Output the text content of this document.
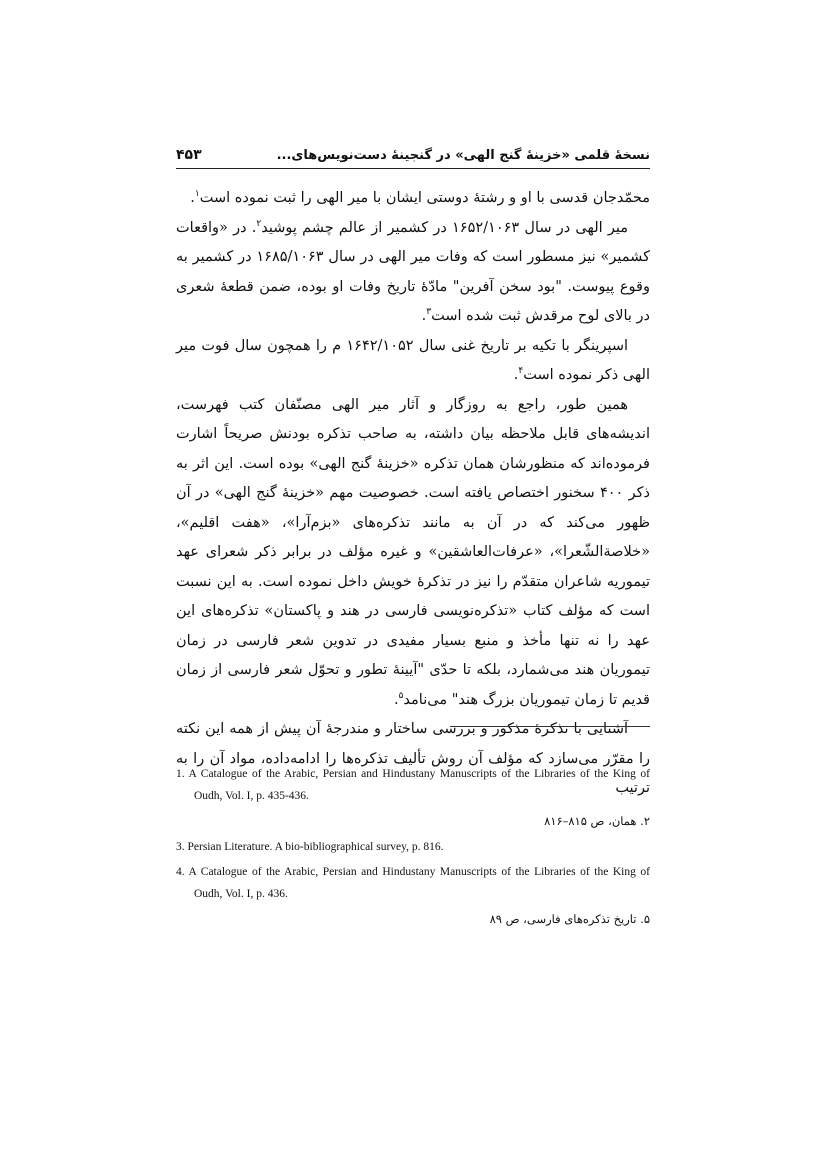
نسخهٔ قلمی «خزینهٔ گنج الهی» در گنجینهٔ دست‌نویس‌های...
۴۵۳

محمّدجان قدسی با او و رشتهٔ دوستی ایشان با میر الهی را ثبت نموده است$^۱$.

میر الهی در سال ۱۶۵۲/۱۰۶۳ در کشمیر از عالم چشم پوشید$^۲$. در «واقعات کشمیر» نیز مسطور است که وفات میر الهی در سال ۱۶۸۵/۱۰۶۳ در کشمیر به وقوع پیوست. "بود سخن آفرین" مادّهٔ تاریخ وفات او بوده، ضمن قطعهٔ شعری در بالای لوح مرقدش ثبت شده است$^۳$.

اسپرینگر با تکیه بر تاریخ غنی سال ۱۶۴۲/۱۰۵۲ م را همچون سال فوت میر الهی ذکر نموده است$^۴$.

همین طور، راجع به روزگار و آثار میر الهی مصنّفان کتب فهرست، اندیشه‌های قابل ملاحظه بیان داشته، به صاحب تذکره بودنش صریحاً اشارت فرموده‌اند که منظورشان همان تذکره «خزینهٔ گنج الهی» بوده است. این اثر به ذکر ۴۰۰ سخنور اختصاص یافته است. خصوصیت مهم «خزینهٔ گنج الهی» در آن ظهور می‌کند که در آن به مانند تذکره‌های «بزم‌آرا»، «هفت اقلیم»، «خلاصة‌الشّعرا»، «عرفات‌العاشقین» و غیره مؤلف در برابر ذکر شعرای عهد تیموریه شاعران متقدّم را نیز در تذکرهٔ خویش داخل نموده است. به این نسبت است که مؤلف کتاب «تذکره‌نویسی فارسی در هند و پاکستان» تذکره‌های این عهد را نه تنها مأخذ و منبع بسیار مفیدی در تدوین شعر فارسی در زمان تیموریان هند می‌شمارد، بلکه تا حدّی "آیینهٔ تطور و تحوّل شعر فارسی از زمان قدیم تا زمان تیموریان بزرگ هند" می‌نامد$^۵$.

آشنایی با تذکرهٔ مذکور و بررسی ساختار و مندرجهٔ آن پیش از همه این نکته را مقرّر می‌سازد که مؤلف آن روش تألیف تذکره‌ها را ادامه‌داده، مواد آن را به ترتیب

1. A Catalogue of the Arabic, Persian and Hindustany Manuscripts of the Libraries of the King of Oudh, Vol. I, p. 435-436.

۲. همان، ص ۸۱۵–۸۱۶

3. Persian Literature. A bio-bibliographical survey, p. 816.

4. A Catalogue of the Arabic, Persian and Hindustany Manuscripts of the Libraries of the King of Oudh, Vol. I, p. 436.

۵. تاریخ تذکره‌های فارسی، ص ۸۹
